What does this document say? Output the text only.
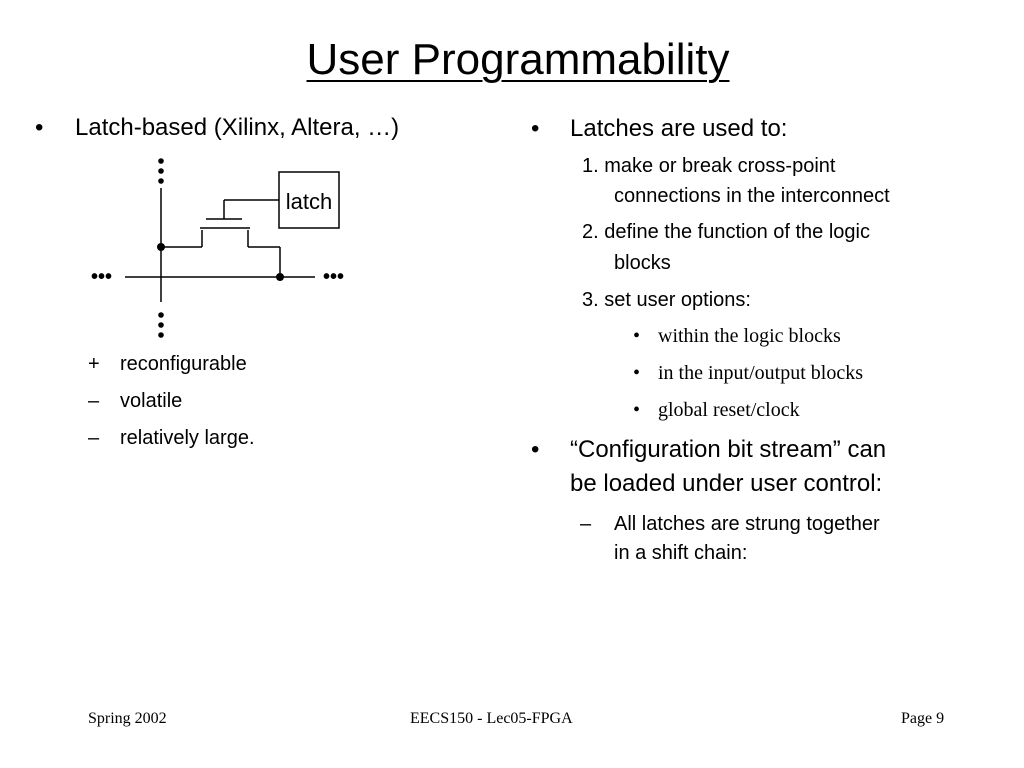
User Programmability
• Latch-based (Xilinx, Altera, …)
•••	•••
latch
+ reconfigurable
– volatile
– relatively large.
• Latches are used to:
1. make or break cross-point
connections in the interconnect
2. define the function of the logic
blocks
3. set user options:
• within the logic blocks
• in the input/output blocks
• global reset/clock
• “Configuration bit stream” can
be loaded under user control:
– All latches are strung together
in a shift chain:
Spring 2002	EECS150 - Lec05-FPGA	Page 9
